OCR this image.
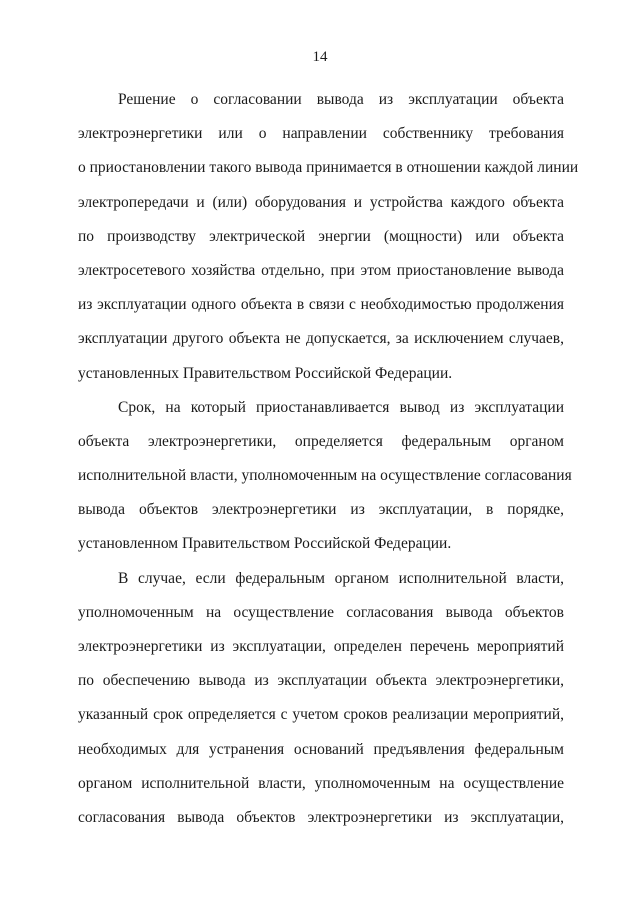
14
Решение о согласовании вывода из эксплуатации объекта
электроэнергетики или о направлении собственнику требования
о приостановлении такого вывода принимается в отношении каждой линии
электропередачи и (или) оборудования и устройства каждого объекта
по производству электрической энергии (мощности) или объекта
электросетевого хозяйства отдельно, при этом приостановление вывода
из эксплуатации одного объекта в связи с необходимостью продолжения
эксплуатации другого объекта не допускается, за исключением случаев,
установленных Правительством Российской Федерации.
Срок, на который приостанавливается вывод из эксплуатации
объекта электроэнергетики, определяется федеральным органом
исполнительной власти, уполномоченным на осуществление согласования
вывода объектов электроэнергетики из эксплуатации, в порядке,
установленном Правительством Российской Федерации.
В случае, если федеральным органом исполнительной власти,
уполномоченным на осуществление согласования вывода объектов
электроэнергетики из эксплуатации, определен перечень мероприятий
по обеспечению вывода из эксплуатации объекта электроэнергетики,
указанный срок определяется с учетом сроков реализации мероприятий,
необходимых для устранения оснований предъявления федеральным
органом исполнительной власти, уполномоченным на осуществление
согласования вывода объектов электроэнергетики из эксплуатации,
